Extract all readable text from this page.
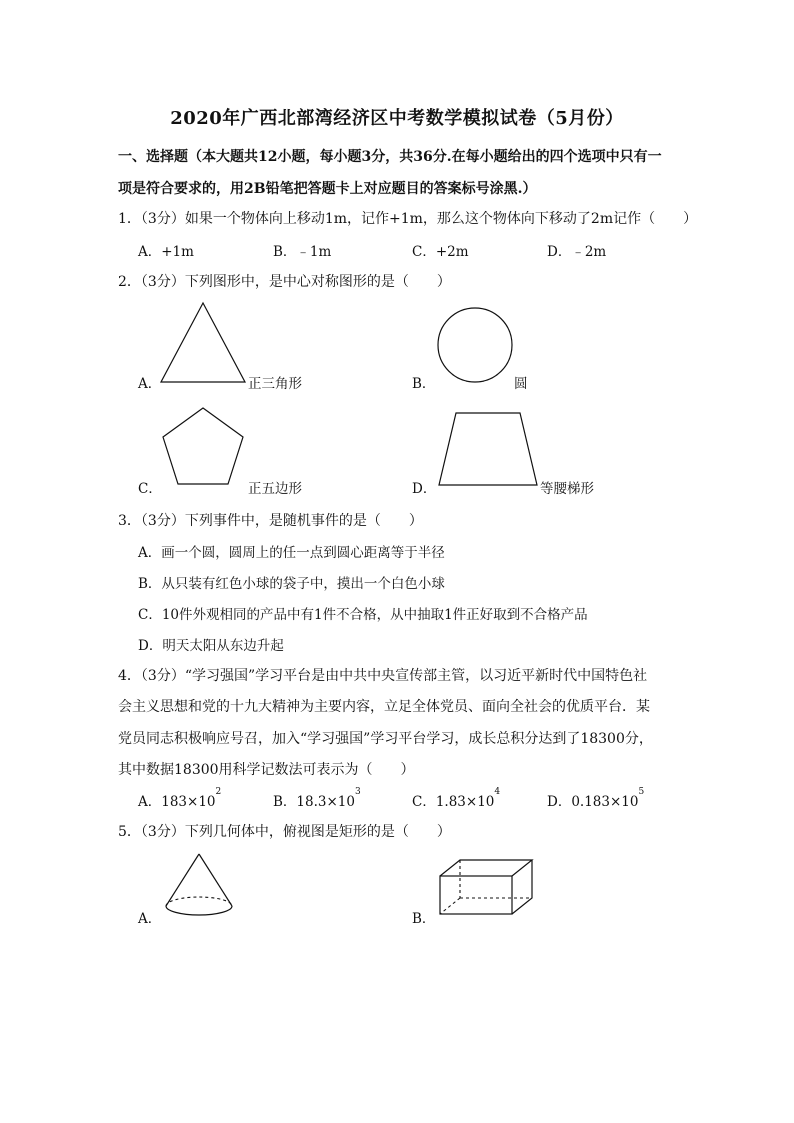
2020年广西北部湾经济区中考数学模拟试卷（5月份）
一、选择题（本大题共12小题，每小题3分，共36分.在每小题给出的四个选项中只有一
项是符合要求的，用2B铅笔把答题卡上对应题目的答案标号涂黑.）
1．（3分）如果一个物体向上移动1m，记作+1m，那么这个物体向下移动了2m记作（　　）
A．+1m	B．﹣1m	C．+2m	D．﹣2m
2．（3分）下列图形中，是中心对称图形的是（　　）
A．	正三角形	B．	圆
C．	正五边形	D．	等腰梯形
3．（3分）下列事件中，是随机事件的是（　　）
A．画一个圆，圆周上的任一点到圆心距离等于半径
B．从只装有红色小球的袋子中，摸出一个白色小球
C．10件外观相同的产品中有1件不合格，从中抽取1件正好取到不合格产品
D．明天太阳从东边升起
4．（3分）“学习强国”学习平台是由中共中央宣传部主管，以习近平新时代中国特色社
会主义思想和党的十九大精神为主要内容，立足全体党员、面向全社会的优质平台．某
党员同志积极响应号召，加入“学习强国”学习平台学习，成长总积分达到了18300分，
其中数据18300用科学记数法可表示为（　　）
A．$183\times 10^2$
B．$18.3\times 10^3$
C．$1.83\times 10^4$
D．$0.183\times 10^5$
5．（3分）下列几何体中，俯视图是矩形的是（　　）
A．	B．
